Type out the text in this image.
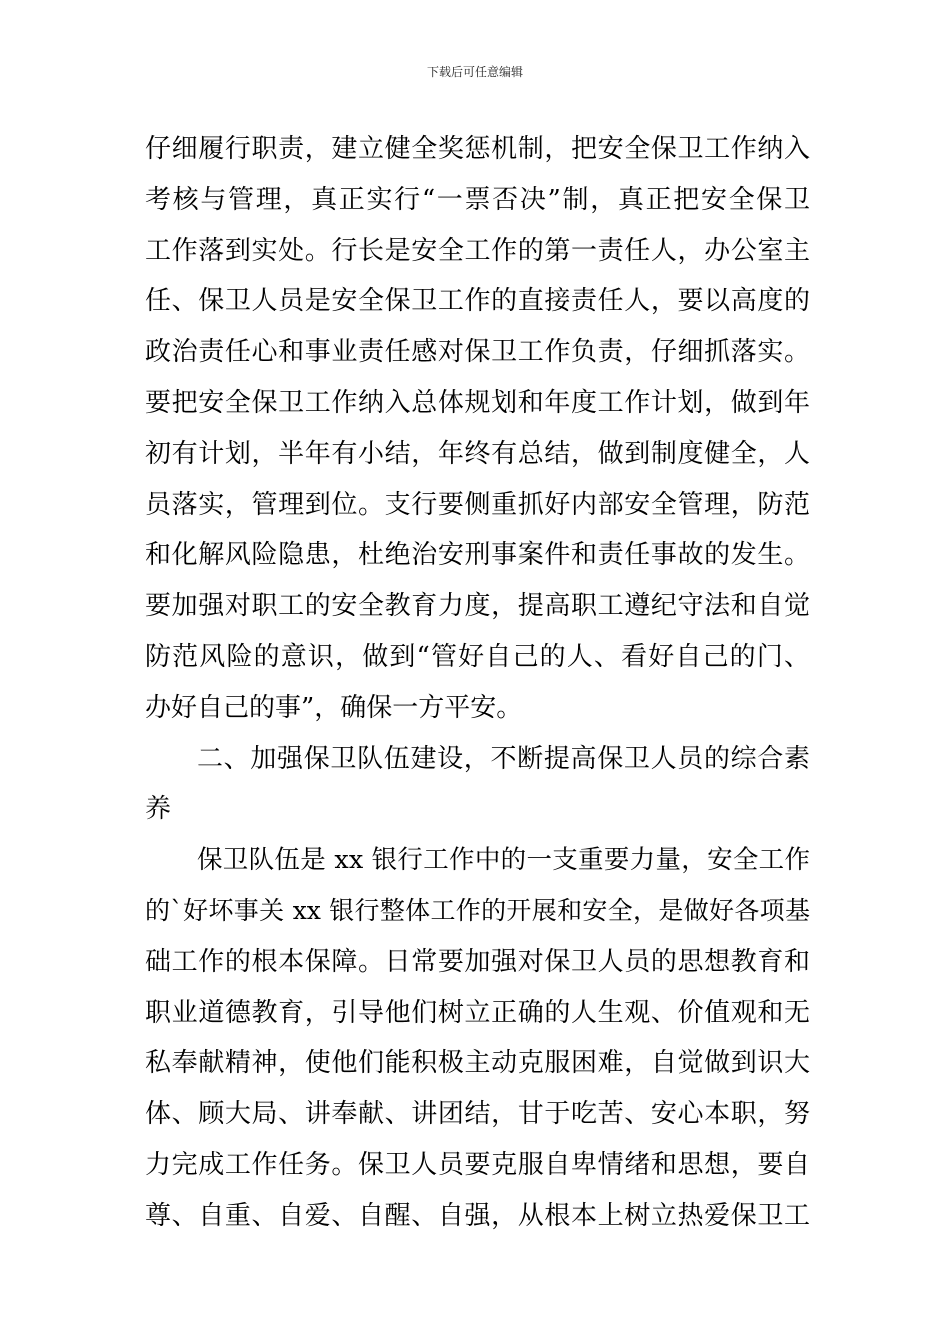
下载后可任意编辑
仔细履行职责，建立健全奖惩机制，把安全保卫工作纳入
考核与管理，真正实行“一票否决”制，真正把安全保卫
工作落到实处。行长是安全工作的第一责任人，办公室主
任、保卫人员是安全保卫工作的直接责任人，要以高度的
政治责任心和事业责任感对保卫工作负责，仔细抓落实。
要把安全保卫工作纳入总体规划和年度工作计划，做到年
初有计划，半年有小结，年终有总结，做到制度健全，人
员落实，管理到位。支行要侧重抓好内部安全管理，防范
和化解风险隐患，杜绝治安刑事案件和责任事故的发生。
要加强对职工的安全教育力度，提高职工遵纪守法和自觉
防范风险的意识，做到“管好自己的人、看好自己的门、
办好自己的事”，确保一方平安。
二、加强保卫队伍建设，不断提高保卫人员的综合素
养
保卫队伍是 xx 银行工作中的一支重要力量，安全工作
的`好坏事关 xx 银行整体工作的开展和安全，是做好各项基
础工作的根本保障。日常要加强对保卫人员的思想教育和
职业道德教育，引导他们树立正确的人生观、价值观和无
私奉献精神，使他们能积极主动克服困难，自觉做到识大
体、顾大局、讲奉献、讲团结，甘于吃苦、安心本职，努
力完成工作任务。保卫人员要克服自卑情绪和思想，要自
尊、自重、自爱、自醒、自强，从根本上树立热爱保卫工
